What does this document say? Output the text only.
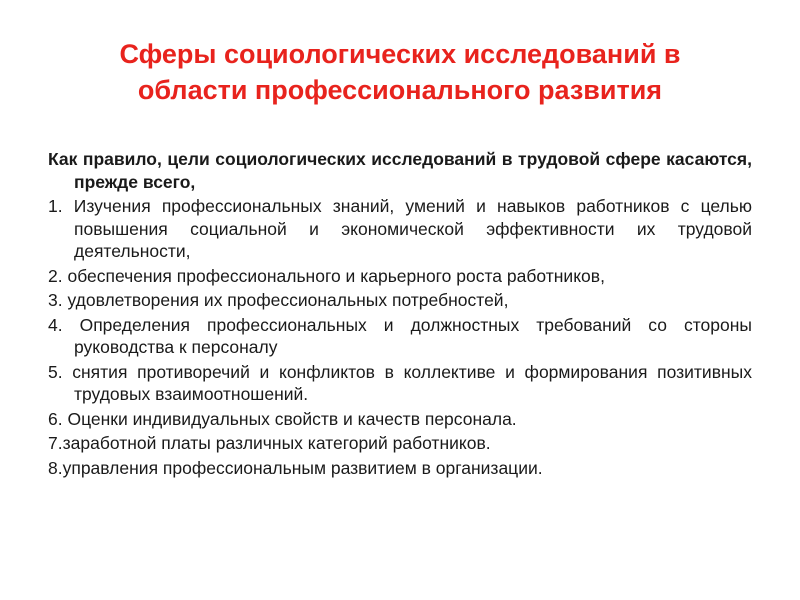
Сферы социологических исследований в
области профессионального развития

Как правило, цели социологических исследований в трудовой сфере касаются, прежде всего,

1. Изучения профессиональных знаний, умений и навыков работников с целью повышения социальной и экономической эффективности их трудовой деятельности,

2. обеспечения профессионального и карьерного роста работников,

3. удовлетворения их профессиональных потребностей,

4. Определения профессиональных и должностных требований со стороны руководства к персоналу

5. снятия противоречий и конфликтов в коллективе и формирования позитивных трудовых взаимоотношений.

6. Оценки индивидуальных свойств и качеств персонала.

7.заработной платы различных категорий работников.

8.управления профессиональным развитием в организации.
